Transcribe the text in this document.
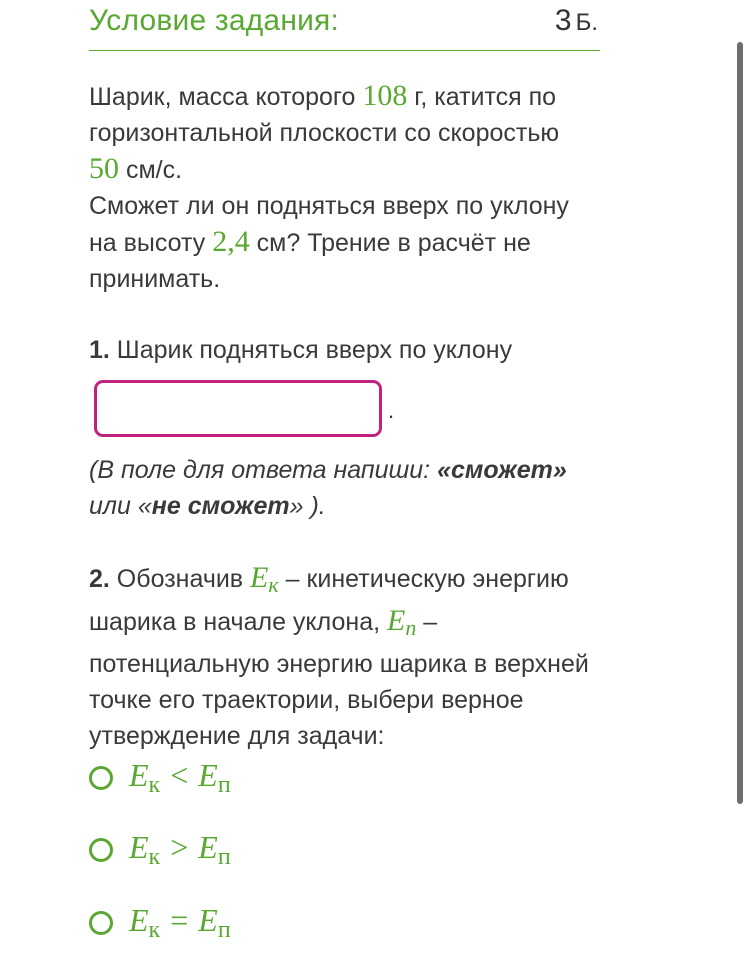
Условие задания:	3 Б.
Шарик, масса которого 108 г, катится по горизонтальной плоскости со скоростью 50 см/с.
Сможет ли он подняться вверх по уклону на высоту 2,4 см? Трение в расчёт не принимать.
1. Шарик подняться вверх по уклону
.
(В поле для ответа напиши: «сможет» или «не сможет» ).
2. Обозначив $E_к$ – кинетическую энергию шарика в начале уклона, $E_n$ – потенциальную энергию шарика в верхней точке его траектории, выбери верное утверждение для задачи:
$E_к < E_п$
$E_к > E_п$
$E_к = E_п$
